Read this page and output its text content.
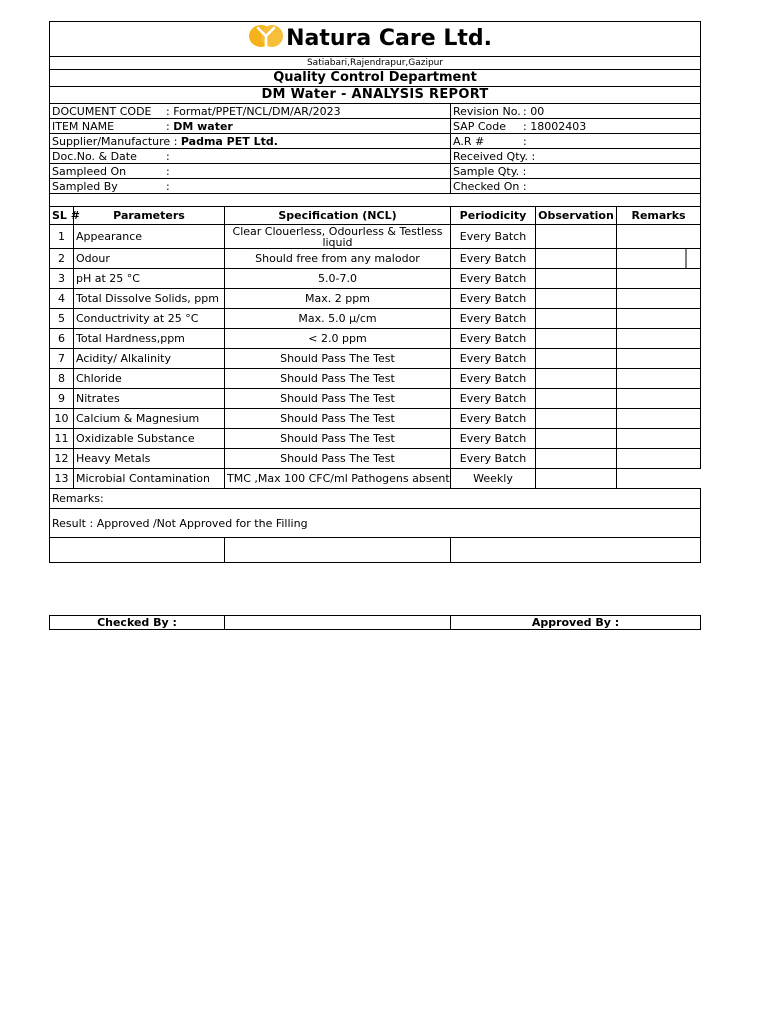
Natura Care Ltd.					
Satiabari,Rajendrapur,Gazipur					
Quality Control Department					
DM Water - ANALYSIS REPORT					
DOCUMENT CODE : Format/PPET/NCL/DM/AR/2023			Revision No. : 00		
ITEM NAME : DM water			SAP Code : 18002403		
Supplier/Manufacture : Padma PET Ltd.			A.R # :		
Doc.No. & Date :			Received Qty. :		
Sampleed On :			Sample Qty. :		
Sampled By :			Checked On :		

SL #	Parameters	Specification (NCL)	Periodicity	Observation	Remarks
1	Appearance	Clear Clouerless, Odourless & Testless liquid	Every Batch		
2	Odour	Should free from any malodor	Every Batch		
3	pH at 25 °C	5.0-7.0	Every Batch		
4	Total Dissolve Solids, ppm	Max. 2 ppm	Every Batch		
5	Conductrivity at 25 °C	Max. 5.0 µ/cm	Every Batch		
6	Total Hardness,ppm	< 2.0 ppm	Every Batch		
7	Acidity/ Alkalinity	Should Pass The Test	Every Batch		
8	Chloride	Should Pass The Test	Every Batch		
9	Nitrates	Should Pass The Test	Every Batch		
10	Calcium & Magnesium	Should Pass The Test	Every Batch		
11	Oxidizable Substance	Should Pass The Test	Every Batch		
12	Heavy Metals	Should Pass The Test	Every Batch		
13	Microbial Contamination	TMC ,Max 100 CFC/ml Pathogens absent	Weekly		
Remarks:					
Result : Approved /Not Approved for the Filling					

Checked By :		Approved By :
